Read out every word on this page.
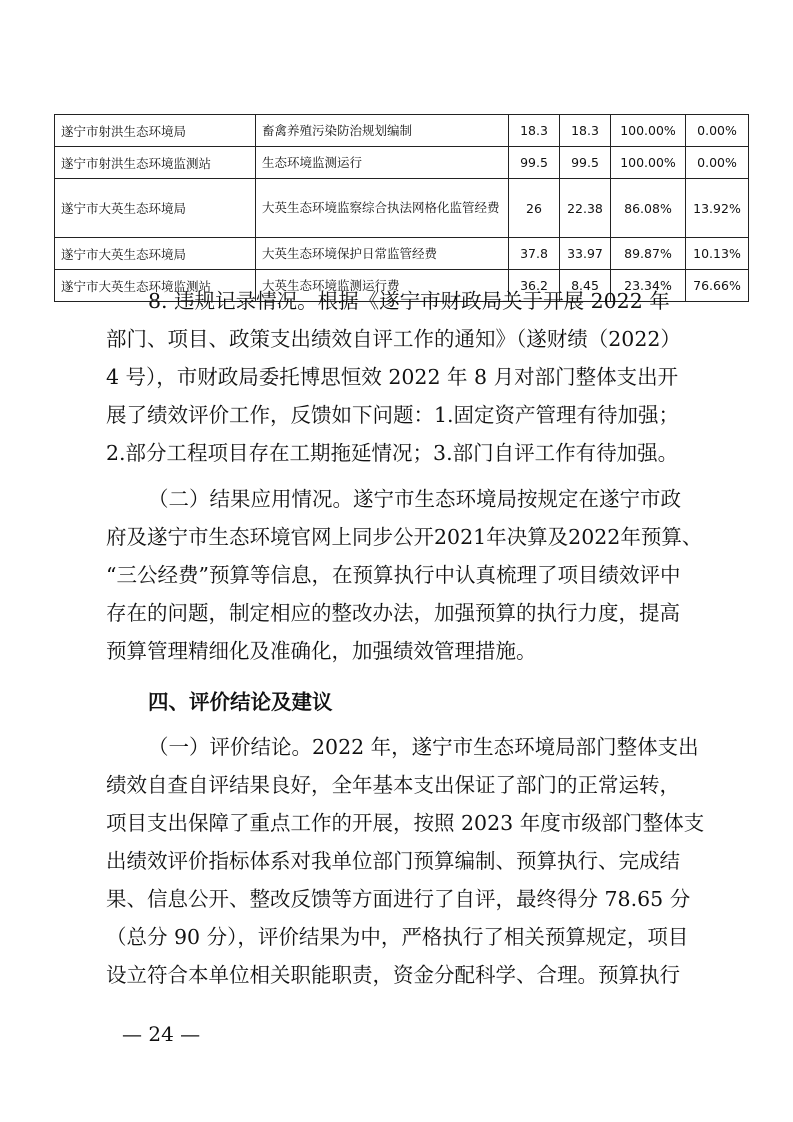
遂宁市射洪生态环境局	畜禽养殖污染防治规划编制	18.3	18.3	100.00%	0.00%
遂宁市射洪生态环境监测站	生态环境监测运行	99.5	99.5	100.00%	0.00%
遂宁市大英生态环境局	大英生态环境监察综合执法网格化监管经费	26	22.38	86.08%	13.92%
遂宁市大英生态环境局	大英生态环境保护日常监管经费	37.8	33.97	89.87%	10.13%
遂宁市大英生态环境监测站	大英生态环境监测运行费	36.2	8.45	23.34%	76.66%
8. 违规记录情况。根据《遂宁市财政局关于开展 2022 年
部门、项目、政策支出绩效自评工作的通知》（遂财绩（2022）
4 号），市财政局委托博思恒效 2022 年 8 月对部门整体支出开
展了绩效评价工作，反馈如下问题：1.固定资产管理有待加强；
2.部分工程项目存在工期拖延情况；3.部门自评工作有待加强。
（二）结果应用情况。遂宁市生态环境局按规定在遂宁市政
府及遂宁市生态环境官网上同步公开2021年决算及2022年预算、
“三公经费”预算等信息，在预算执行中认真梳理了项目绩效评中
存在的问题，制定相应的整改办法，加强预算的执行力度，提高
预算管理精细化及准确化，加强绩效管理措施。
四、评价结论及建议
（一）评价结论。2022 年，遂宁市生态环境局部门整体支出
绩效自查自评结果良好，全年基本支出保证了部门的正常运转，
项目支出保障了重点工作的开展，按照 2023 年度市级部门整体支
出绩效评价指标体系对我单位部门预算编制、预算执行、完成结
果、信息公开、整改反馈等方面进行了自评，最终得分 78.65 分
（总分 90 分），评价结果为中，严格执行了相关预算规定，项目
设立符合本单位相关职能职责，资金分配科学、合理。预算执行
— 24 —
